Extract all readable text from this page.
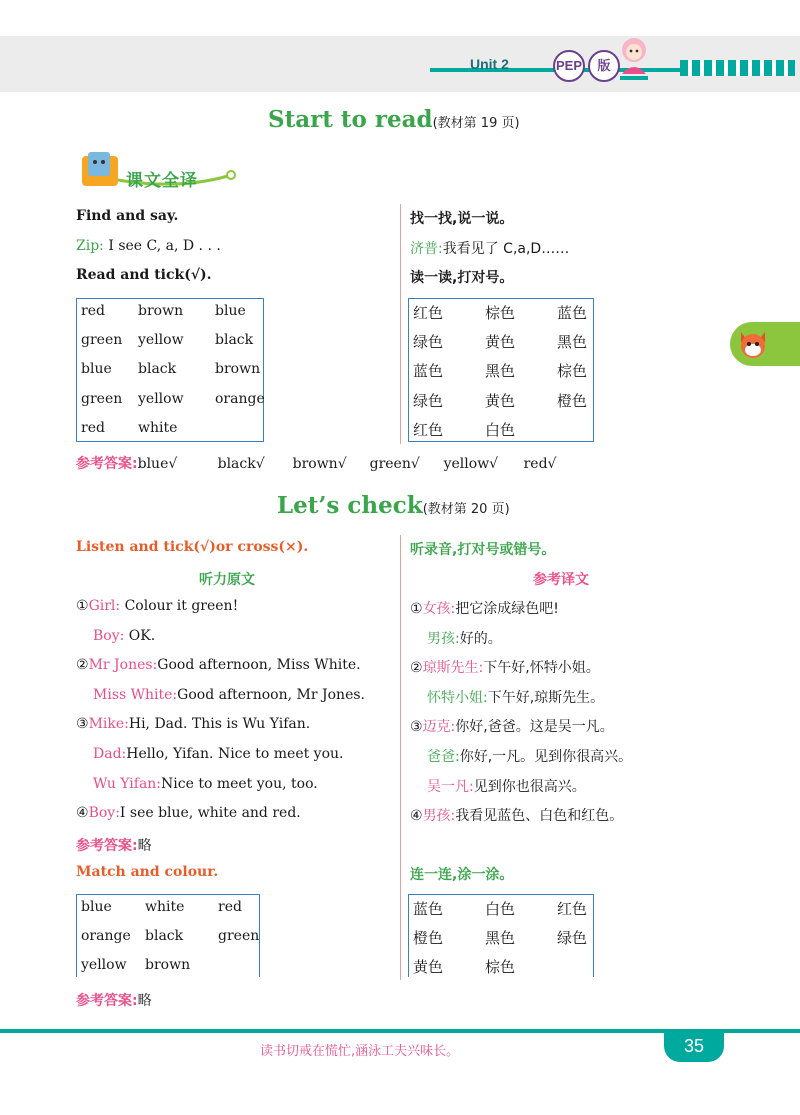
Unit 2	PEP	版
Start to read(教材第 19 页)
课文全译
Find and say.
Zip: I see C, a, D . . .
Read and tick(√).
red brown blue
green yellow black
blue black	brown
green yellow orange
red white
找一找,说一说。
济普:我看见了 C,a,D……
读一读,打对号。
红色	棕色	蓝色
绿色	黄色	黑色
蓝色	黑色	棕色
绿色	黄色	橙色
红色	白色
参考答案:blue√	black√ brown√ green√ yellow√ red√
Let’s check(教材第 20 页)
Listen and tick(√)or cross(×).
听力原文
①Girl: Colour it green!
Boy: OK.
②Mr Jones:Good afternoon, Miss White.
Miss White:Good afternoon, Mr Jones.
③Mike:Hi, Dad. This is Wu Yifan.
Dad:Hello, Yifan. Nice to meet you.
Wu Yifan:Nice to meet you, too.
④Boy:I see blue, white and red.
参考答案:略
Match and colour.
blue white red
orange black green
yellow brown
参考答案:略
听录音,打对号或错号。
参考译文
①女孩:把它涂成绿色吧!
男孩:好的。
②琼斯先生:下午好,怀特小姐。
怀特小姐:下午好,琼斯先生。
③迈克:你好,爸爸。这是吴一凡。
爸爸:你好,一凡。见到你很高兴。
吴一凡:见到你也很高兴。
④男孩:我看见蓝色、白色和红色。
连一连,涂一涂。
蓝色	白色	红色
橙色	黑色	绿色
黄色	棕色
读书切戒在慌忙,涵泳工夫兴味长。	35
